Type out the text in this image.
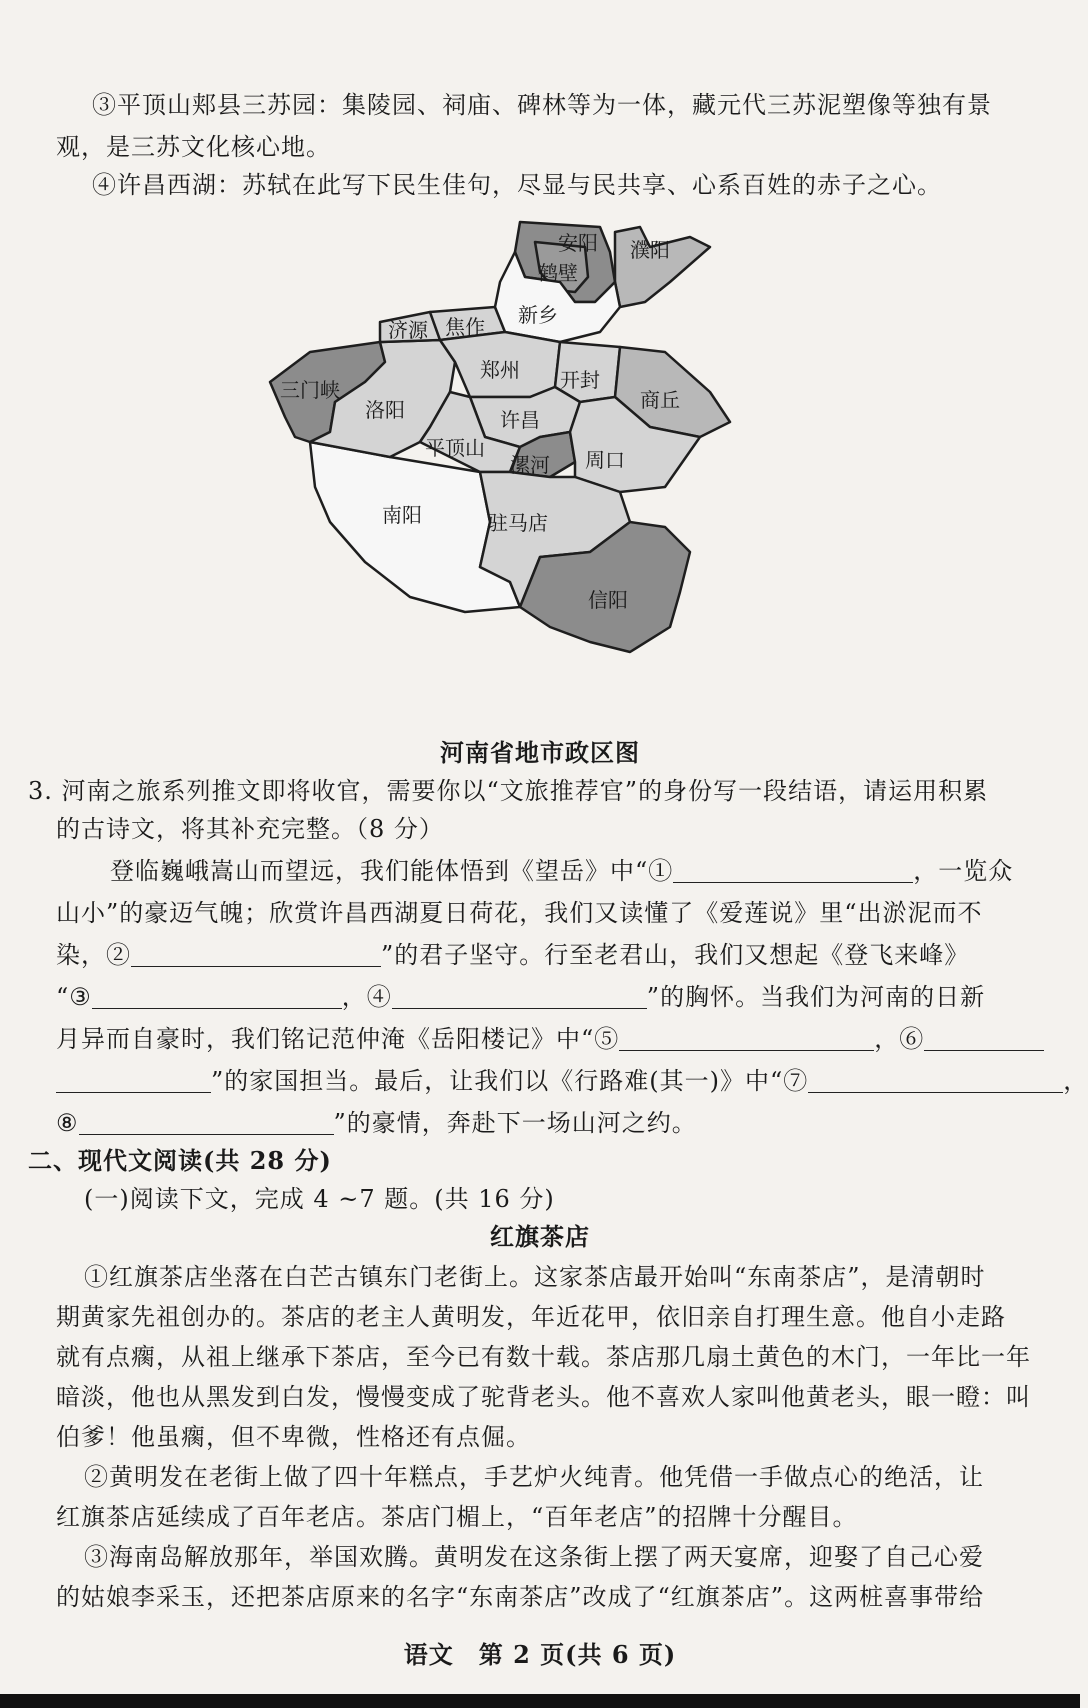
③平顶山郏县三苏园：集陵园、祠庙、碑林等为一体，藏元代三苏泥塑像等独有景
观，是三苏文化核心地。
④许昌西湖：苏轼在此写下民生佳句，尽显与民共享、心系百姓的赤子之心。
安阳
鹤壁
濮阳
新乡
济源 焦作
郑州 开封
商丘
三门峡
洛阳	许昌
平顶山
漯河 周口
南阳	驻马店
信阳
河南省地市政区图
3. 河南之旅系列推文即将收官，需要你以“文旅推荐官”的身份写一段结语，请运用积累
的古诗文，将其补充完整。（8 分）
登临巍峨嵩山而望远，我们能体悟到《望岳》中“①	，一览众
山小”的豪迈气魄；欣赏许昌西湖夏日荷花，我们又读懂了《爱莲说》里“出淤泥而不
染，②	”的君子坚守。行至老君山，我们又想起《登飞来峰》
“③	，④	”的胸怀。当我们为河南的日新
月异而自豪时，我们铭记范仲淹《岳阳楼记》中“⑤	，⑥
”的家国担当。最后，让我们以《行路难(其一)》中“⑦	，
⑧	”的豪情，奔赴下一场山河之约。
二、现代文阅读(共 28 分)
(一)阅读下文，完成 4 ~7 题。(共 16 分)
红旗茶店
①红旗茶店坐落在白芒古镇东门老街上。这家茶店最开始叫“东南茶店”，是清朝时
期黄家先祖创办的。茶店的老主人黄明发，年近花甲，依旧亲自打理生意。他自小走路
就有点瘸，从祖上继承下茶店，至今已有数十载。茶店那几扇土黄色的木门，一年比一年
暗淡，他也从黑发到白发，慢慢变成了驼背老头。他不喜欢人家叫他黄老头，眼一瞪：叫
伯爹！他虽瘸，但不卑微，性格还有点倔。
②黄明发在老街上做了四十年糕点，手艺炉火纯青。他凭借一手做点心的绝活，让
红旗茶店延续成了百年老店。茶店门楣上，“百年老店”的招牌十分醒目。
③海南岛解放那年，举国欢腾。黄明发在这条街上摆了两天宴席，迎娶了自己心爱
的姑娘李采玉，还把茶店原来的名字“东南茶店”改成了“红旗茶店”。这两桩喜事带给
语文　第 2 页(共 6 页)
